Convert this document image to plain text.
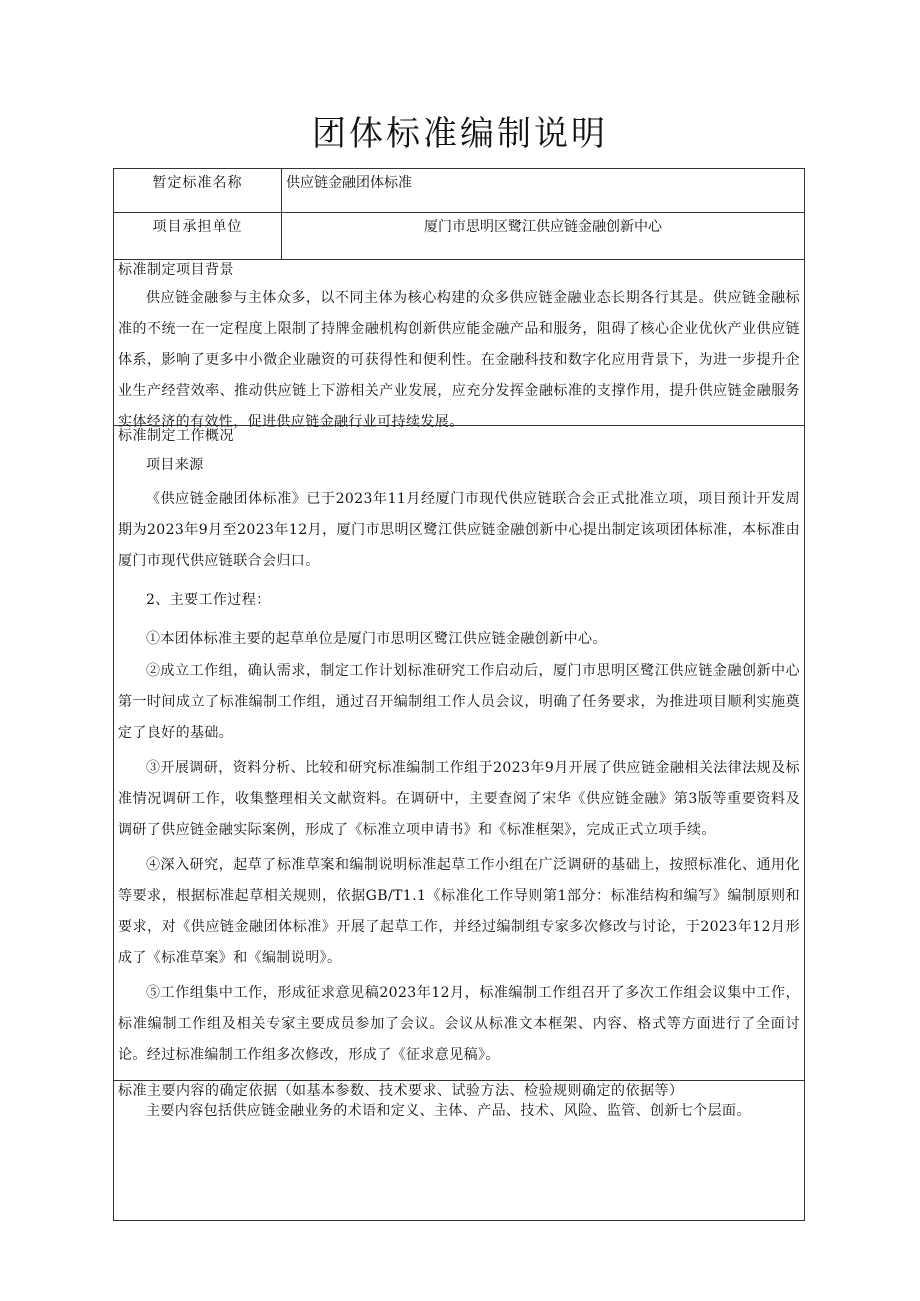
团体标准编制说明
暂定标准名称	供应链金融团体标准
项目承担单位	厦门市思明区鹭江供应链金融创新中心
标准制定项目背景

供应链金融参与主体众多，以不同主体为核心构建的众多供应链金融业态长期各行其是。供应链金融标准的不统一在一定程度上限制了持牌金融机构创新供应能金融产品和服务，阻碍了核心企业优伙产业供应链体系，影响了更多中小微企业融资的可获得性和便利性。在金融科技和数字化应用背景下，为进一步提升企业生产经营效率、推动供应链上下游相关产业发展，应充分发挥金融标准的支撑作用，提升供应链金融服务实体经济的有效性，促进供应链金融行业可持续发展。

标准制定工作概况

项目来源

《供应链金融团体标准》已于2023年11月经厦门市现代供应链联合会正式批准立项，项目预计开发周期为2023年9月至2023年12月，厦门市思明区鹭江供应链金融创新中心提出制定该项团体标准，本标准由厦门市现代供应链联合会归口。

2、主要工作过程：

①本团体标准主要的起草单位是厦门市思明区鹭江供应链金融创新中心。

②成立工作组，确认需求，制定工作计划标准研究工作启动后，厦门市思明区鹭江供应链金融创新中心第一时间成立了标准编制工作组，通过召开编制组工作人员会议，明确了任务要求，为推进项目顺利实施奠定了良好的基础。

③开展调研，资料分析、比较和研究标准编制工作组于2023年9月开展了供应链金融相关法律法规及标准情况调研工作，收集整理相关文献资料。在调研中，主要查阅了宋华《供应链金融》第3版等重要资料及调研了供应链金融实际案例，形成了《标准立项申请书》和《标准框架》，完成正式立项手续。

④深入研究，起草了标准草案和编制说明标准起草工作小组在广泛调研的基础上，按照标准化、通用化等要求，根据标准起草相关规则，依据GB/T1.1《标准化工作导则第1部分：标准结构和编写》编制原则和要求，对《供应链金融团体标准》开展了起草工作，并经过编制组专家多次修改与讨论，于2023年12月形成了《标准草案》和《编制说明》。

⑤工作组集中工作，形成征求意见稿2023年12月，标准编制工作组召开了多次工作组会议集中工作，标准编制工作组及相关专家主要成员参加了会议。会议从标准文本框架、内容、格式等方面进行了全面讨论。经过标准编制工作组多次修改，形成了《征求意见稿》。

标准主要内容的确定依据（如基本参数、技术要求、试验方法、检验规则确定的依据等）

主要内容包括供应链金融业务的术语和定义、主体、产品、技术、风险、监管、创新七个层面。
